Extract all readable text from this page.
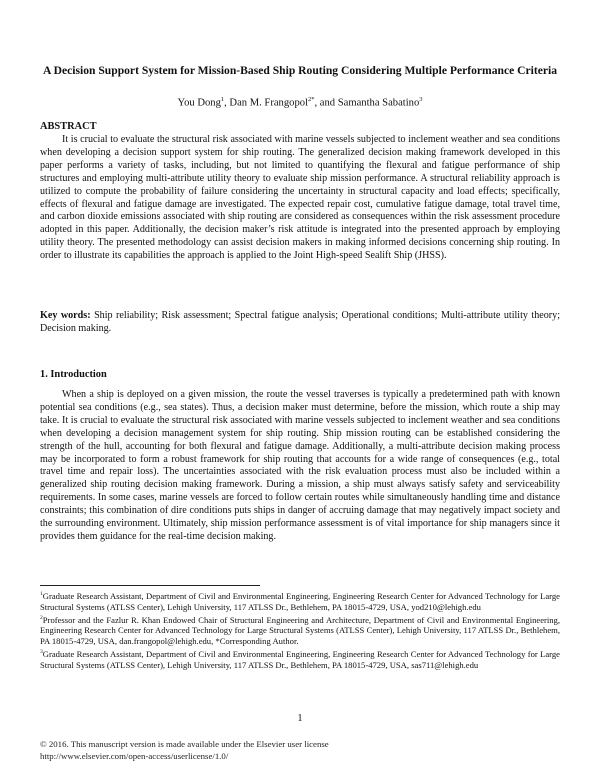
A Decision Support System for Mission-Based Ship Routing Considering Multiple Performance Criteria
You Dong$^1$, Dan M. Frangopol$^{2*}$, and Samantha Sabatino$^3$
ABSTRACT

It is crucial to evaluate the structural risk associated with marine vessels subjected to inclement weather and sea conditions when developing a decision support system for ship routing. The generalized decision making framework developed in this paper performs a variety of tasks, including, but not limited to quantifying the flexural and fatigue performance of ship structures and employing multi-attribute utility theory to evaluate ship mission performance. A structural reliability approach is utilized to compute the probability of failure considering the uncertainty in structural capacity and load effects; specifically, effects of flexural and fatigue damage are investigated. The expected repair cost, cumulative fatigue damage, total travel time, and carbon dioxide emissions associated with ship routing are considered as consequences within the risk assessment procedure adopted in this paper. Additionally, the decision maker’s risk attitude is integrated into the presented approach by employing utility theory. The presented methodology can assist decision makers in making informed decisions concerning ship routing. In order to illustrate its capabilities the approach is applied to the Joint High-speed Sealift Ship (JHSS).

Key words: Ship reliability; Risk assessment; Spectral fatigue analysis; Operational conditions; Multi-attribute utility theory; Decision making.

1. Introduction

When a ship is deployed on a given mission, the route the vessel traverses is typically a predetermined path with known potential sea conditions (e.g., sea states). Thus, a decision maker must determine, before the mission, which route a ship may take. It is crucial to evaluate the structural risk associated with marine vessels subjected to inclement weather and sea conditions when developing a decision management system for ship routing. Ship mission routing can be established considering the strength of the hull, accounting for both flexural and fatigue damage. Additionally, a multi-attribute decision making process may be incorporated to form a robust framework for ship routing that accounts for a wide range of consequences (e.g., total travel time and repair loss). The uncertainties associated with the risk evaluation process must also be included within a generalized ship routing decision making framework. During a mission, a ship must always satisfy safety and serviceability requirements. In some cases, marine vessels are forced to follow certain routes while simultaneously handling time and distance constraints; this combination of dire conditions puts ships in danger of accruing damage that may negatively impact society and the surrounding environment. Ultimately, ship mission performance assessment is of vital importance for ship managers since it provides them guidance for the real-time decision making.

$^1$Graduate Research Assistant, Department of Civil and Environmental Engineering, Engineering Research Center for Advanced Technology for Large Structural Systems (ATLSS Center), Lehigh University, 117 ATLSS Dr., Bethlehem, PA 18015-4729, USA, yod210@lehigh.edu

$^2$Professor and the Fazlur R. Khan Endowed Chair of Structural Engineering and Architecture, Department of Civil and Environmental Engineering, Engineering Research Center for Advanced Technology for Large Structural Systems (ATLSS Center), Lehigh University, 117 ATLSS Dr., Bethlehem, PA 18015-4729, USA, dan.frangopol@lehigh.edu, *Corresponding Author.

$^3$Graduate Research Assistant, Department of Civil and Environmental Engineering, Engineering Research Center for Advanced Technology for Large Structural Systems (ATLSS Center), Lehigh University, 117 ATLSS Dr., Bethlehem, PA 18015-4729, USA, sas711@lehigh.edu

1
© 2016. This manuscript version is made available under the Elsevier user license
http://www.elsevier.com/open-access/userlicense/1.0/
